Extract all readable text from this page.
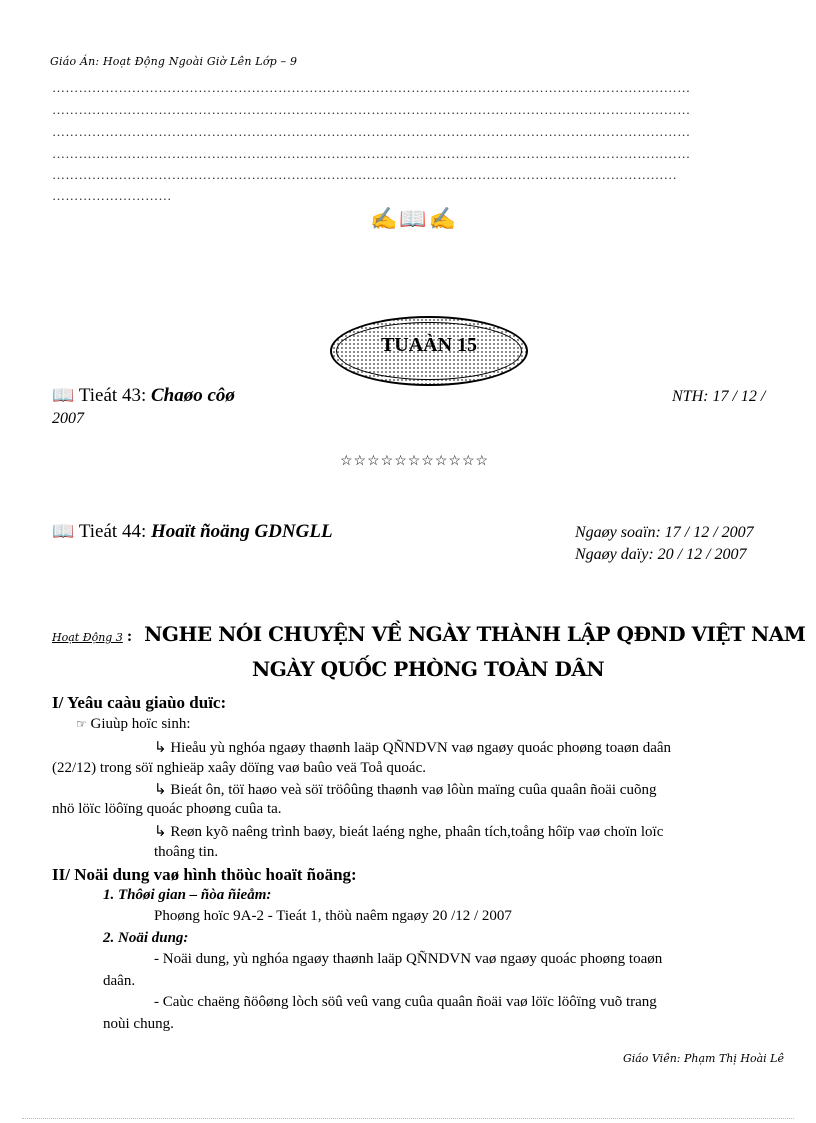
Giáo Án: Hoạt Động Ngoài Giờ Lên Lớp – 9
………………………………………………………………………………………………………………………………
………………………………………………………………………………………………………………………………
………………………………………………………………………………………………………………………………
………………………………………………………………………………………………………………………………
……………………………………………………………………………………………………………………………
………………………
✍📖✍
TUAÀN 15
📖 Tieát 43: Chaøo côø	NTH: 17 / 12 /
2007
☆☆☆☆☆☆☆☆☆☆☆
📖 Tieát 44: Hoaït ñoäng GDNGLL	Ngaøy soaïn: 17 / 12 / 2007
Ngaøy daïy: 20 / 12 / 2007
Hoạt Động 3 : NGHE NÓI CHUYỆN VỀ NGÀY THÀNH LẬP QĐND VIỆT NAM
NGÀY QUỐC PHÒNG TOÀN DÂN
I/ Yeâu caàu giaùo duïc:
☞ Giuùp hoïc sinh:
↳ Hieåu yù nghóa ngaøy thaønh laäp QÑNDVN vaø ngaøy quoác phoøng toaøn daân
(22/12) trong söï nghieäp xaây döïng vaø baûo veä Toå quoác.
↳ Bieát ôn, töï haøo veà söï tröôûng thaønh vaø lôùn maïng cuûa quaân ñoäi cuõng
nhö löïc löôïng quoác phoøng cuûa ta.
↳ Reøn kyõ naêng trình baøy, bieát laéng nghe, phaân tích,toång hôïp vaø choïn loïc
thoâng tin.
II/ Noäi dung vaø hình thöùc hoaït ñoäng:
1. Thôøi gian – ñòa ñieåm:
Phoøng hoïc 9A-2 - Tieát 1, thöù naêm ngaøy 20 /12 / 2007
2. Noäi dung:
- Noäi dung, yù nghóa ngaøy thaønh laäp QÑNDVN vaø ngaøy quoác phoøng toaøn
daân.
- Caùc chaëng ñöôøng lòch söû veû vang cuûa quaân ñoäi vaø löïc löôïng vuõ trang
noùi chung.
Giáo Viên: Phạm Thị Hoài Lê
